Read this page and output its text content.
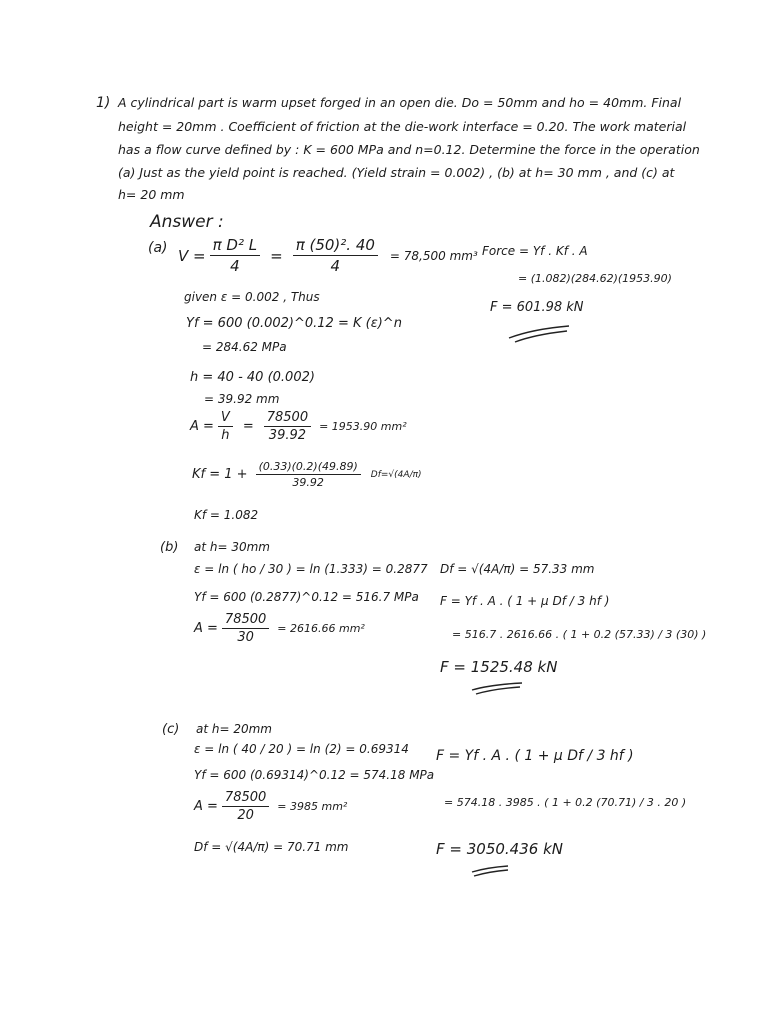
1) A cylindrical part is warm upset forged in an open die. Do = 50mm and ho = 40mm. Final
height = 20mm . Coefficient of friction at the die-work interface = 0.20. The work material
has a flow curve defined by : K = 600 MPa and n=0.12. Determine the force in the operation
(a) Just as the yield point is reached. (Yield strain = 0.002) , (b) at h= 30 mm , and (c) at
h= 20 mm
Answer :
(a) $V = \frac{\text{π D² L}}{4} = \frac{\text{π (50)². 40}}{4} = 78,500$ mm³
given ε = 0.002 , Thus
Yf = 600 (0.002)^0.12 = K (ε)^n
= 284.62 MPa
h = 40 - 40 (0.002)
= 39.92 mm
$A = \frac{V}{h} = \frac{78500}{39.92} = 1953.90$ mm²
$Kf = 1 + \frac{(0.33)(0.2)(49.89)}{39.92} Df=√(4A/\pi)$
Kf = 1.082
Force = Yf . Kf . A
= (1.082)(284.62)(1953.90)
F = 601.98 kN
(b) at h= 30mm
ε = ln ( ho / 30 ) = ln (1.333) = 0.2877
Yf = 600 (0.2877)^0.12 = 516.7 MPa
$A = \frac{78500}{30} = 2616.66$ mm²
Df = √(4A/π) = 57.33 mm
F = Yf . A . ( 1 + μ Df / 3 hf )
= 516.7 . 2616.66 . ( 1 + 0.2 (57.33) / 3 (30) )
F = 1525.48 kN
(c) at h= 20mm
ε = ln ( 40 / 20 ) = ln (2) = 0.69314
Yf = 600 (0.69314)^0.12 = 574.18 MPa
$A = \frac{78500}{20} = 3985$ mm²
Df = √(4A/π) = 70.71 mm
F = Yf . A . ( 1 + μ Df / 3 hf )
= 574.18 . 3985 . ( 1 + 0.2 (70.71) / 3 . 20 )
F = 3050.436 kN
